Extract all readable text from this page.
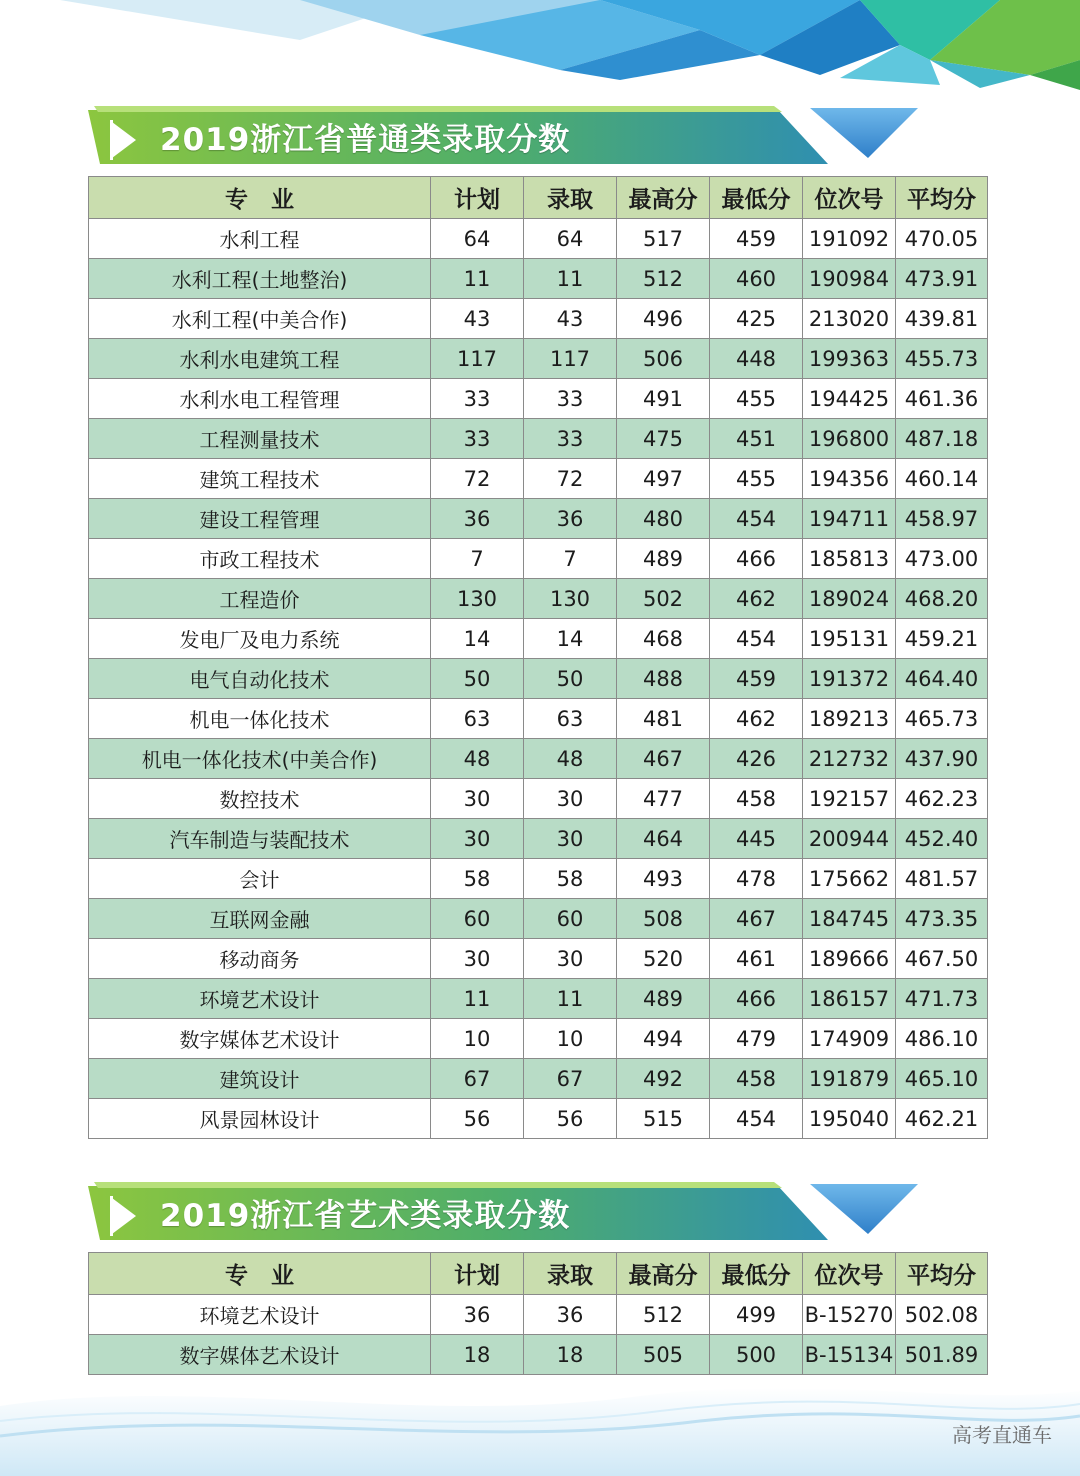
2019浙江省普通类录取分数
专　业	计划	录取	最高分	最低分	位次号	平均分
水利工程	64	64	517	459	191092	470.05
水利工程(土地整治)	11	11	512	460	190984	473.91
水利工程(中美合作)	43	43	496	425	213020	439.81
水利水电建筑工程	117	117	506	448	199363	455.73
水利水电工程管理	33	33	491	455	194425	461.36
工程测量技术	33	33	475	451	196800	487.18
建筑工程技术	72	72	497	455	194356	460.14
建设工程管理	36	36	480	454	194711	458.97
市政工程技术	7	7	489	466	185813	473.00
工程造价	130	130	502	462	189024	468.20
发电厂及电力系统	14	14	468	454	195131	459.21
电气自动化技术	50	50	488	459	191372	464.40
机电一体化技术	63	63	481	462	189213	465.73
机电一体化技术(中美合作)	48	48	467	426	212732	437.90
数控技术	30	30	477	458	192157	462.23
汽车制造与装配技术	30	30	464	445	200944	452.40
会计	58	58	493	478	175662	481.57
互联网金融	60	60	508	467	184745	473.35
移动商务	30	30	520	461	189666	467.50
环境艺术设计	11	11	489	466	186157	471.73
数字媒体艺术设计	10	10	494	479	174909	486.10
建筑设计	67	67	492	458	191879	465.10
风景园林设计	56	56	515	454	195040	462.21
2019浙江省艺术类录取分数
专　业	计划	录取	最高分	最低分	位次号	平均分
环境艺术设计	36	36	512	499	B-15270	502.08
数字媒体艺术设计	18	18	505	500	B-15134	501.89
高考直通车
